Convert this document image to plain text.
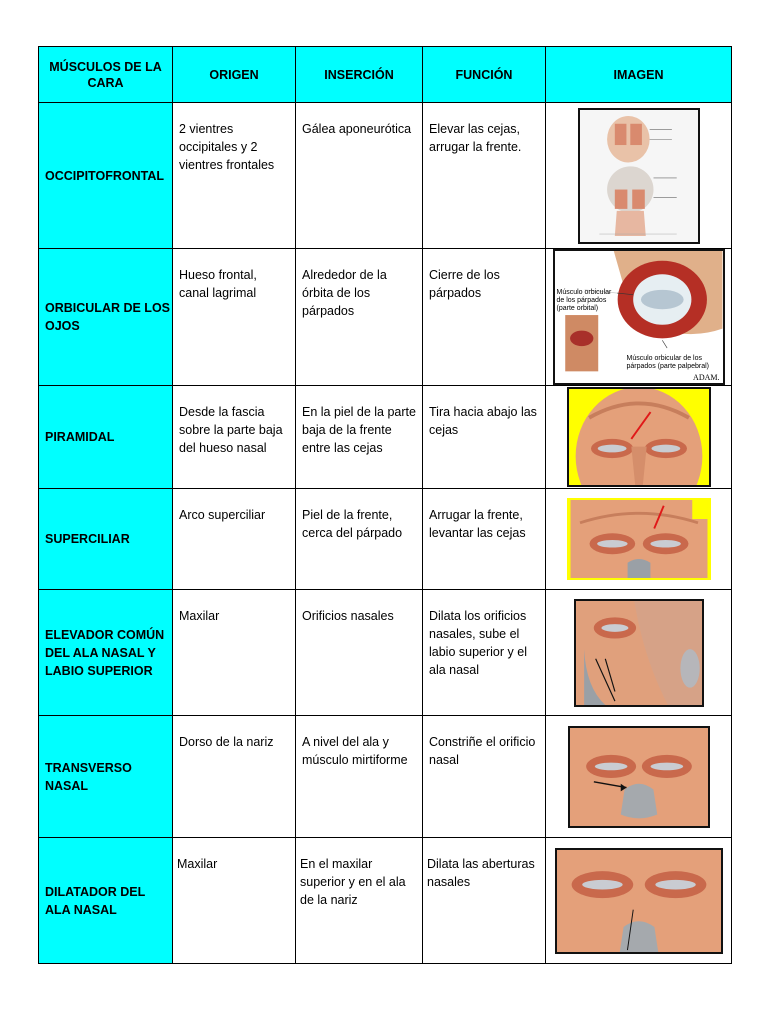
MÚSCULOS DE LA CARA	ORIGEN	INSERCIÓN	FUNCIÓN	IMAGEN
OCCIPITOFRONTAL	2 vientres occipitales y 2 vientres frontales	Gálea aponeurótica	Elevar las cejas, arrugar la frente.	

ORBICULAR DE LOS OJOS	Hueso frontal, canal lagrimal	Alrededor de la órbita de los párpados	Cierre de los párpados	Músculo orbicular de los párpados (parte orbital)
Músculo orbicular de los párpados (parte palpebral)
ADAM.

PIRAMIDAL	Desde la fascia sobre la parte baja del hueso nasal	En la piel de la parte baja de la frente entre las cejas	Tira hacia abajo las cejas	

SUPERCILIAR	Arco superciliar	Piel de la frente, cerca del párpado	Arrugar la frente, levantar las cejas	

ELEVADOR COMÚN DEL ALA NASAL Y LABIO SUPERIOR	Maxilar	Orificios nasales	Dilata los orificios nasales, sube el labio superior y el ala nasal	

TRANSVERSO NASAL	Dorso de la nariz	A nivel del ala y músculo mirtiforme	Constriñe el orificio nasal	

DILATADOR DEL ALA NASAL	Maxilar	En el maxilar superior y en el ala de la nariz	Dilata las aberturas nasales	
